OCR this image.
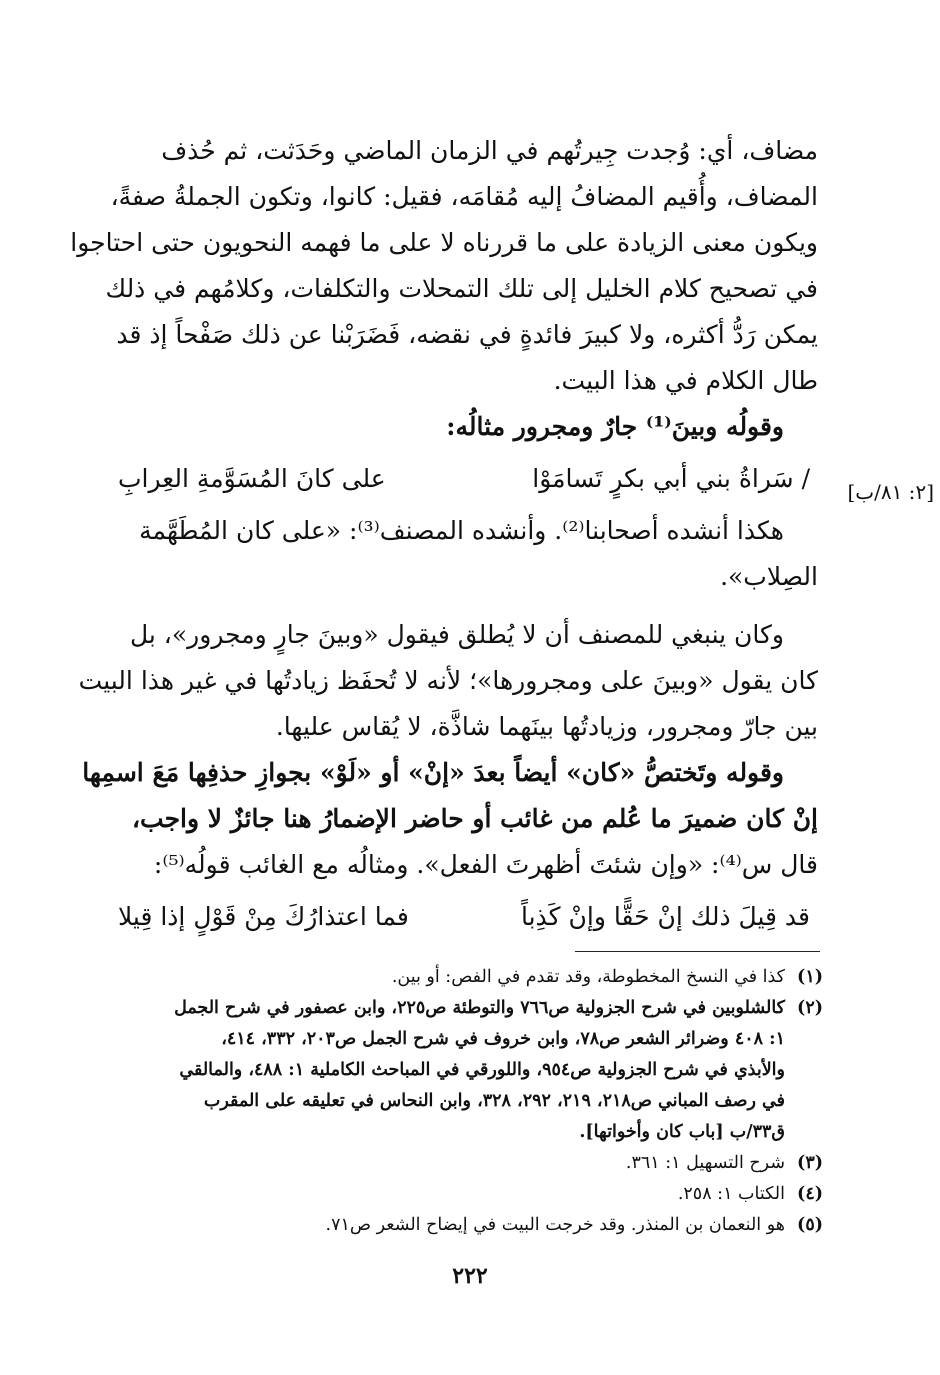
مضاف، أي: وُجدت جِيرتُهم في الزمان الماضي وحَدَثت، ثم حُذف
المضاف، وأُقيم المضافُ إليه مُقامَه، فقيل: كانوا، وتكون الجملةُ صفةً،
ويكون معنى الزيادة على ما قررناه لا على ما فهمه النحويون حتى احتاجوا
في تصحيح كلام الخليل إلى تلك التمحلات والتكلفات، وكلامُهم في ذلك
يمكن رَدُّ أكثره، ولا كبيرَ فائدةٍ في نقضه، فَضَرَبْنا عن ذلك صَفْحاً إذ قد
طال الكلام في هذا البيت.
وقولُه وبينَ⁽¹⁾ جارٌ ومجرور مثالُه:
/ سَراةُ بني أبي بكرٍ تَسامَوْا
على كانَ المُسَوَّمةِ العِرابِ
هكذا أنشده أصحابنا⁽²⁾. وأنشده المصنف⁽³⁾: «على كان المُطَهَّمة
الصِلاب».
وكان ينبغي للمصنف أن لا يُطلق فيقول «وبينَ جارٍ ومجرور»، بل
كان يقول «وبينَ على ومجرورها»؛ لأنه لا تُحفَظ زيادتُها في غير هذا البيت
بين جارّ ومجرور، وزيادتُها بينَهما شاذَّة، لا يُقاس عليها.
وقوله وتَختصُّ «كان» أيضاً بعدَ «إنْ» أو «لَوْ» بجوازِ حذفِها مَعَ اسمِها
إنْ كان ضميرَ ما عُلم من غائب أو حاضر الإضمارُ هنا جائزٌ لا واجب،
قال س⁽⁴⁾: «وإن شئتَ أظهرتَ الفعل». ومثالُه مع الغائب قولُه⁽⁵⁾:
قد قِيلَ ذلك إنْ حَقًّا وإنْ كَذِباً
فما اعتذارُكَ مِنْ قَوْلٍ إذا قِيلا
[٢: ٨١/ب]
(١)
كذا في النسخ المخطوطة، وقد تقدم في الفص: أو بين.
(٢)
كالشلوبين في شرح الجزولية ص٧٦٦ والتوطئة ص٢٢٥، وابن عصفور في شرح الجمل
١: ٤٠٨ وضرائر الشعر ص٧٨، وابن خروف في شرح الجمل ص٢٠٣، ٣٣٢، ٤١٤،
والأبذي في شرح الجزولية ص٩٥٤، واللورقي في المباحث الكاملية ١: ٤٨٨، والمالقي
في رصف المباني ص٢١٨، ٢١٩، ٢٩٢، ٣٢٨، وابن النحاس في تعليقه على المقرب
ق٣٣/ب [باب كان وأخواتها].
(٣)
شرح التسهيل ١: ٣٦١.
(٤)
الكتاب ١: ٢٥٨.
(٥)
هو النعمان بن المنذر. وقد خرجت البيت في إيضاح الشعر ص٧١.
٢٢٢
